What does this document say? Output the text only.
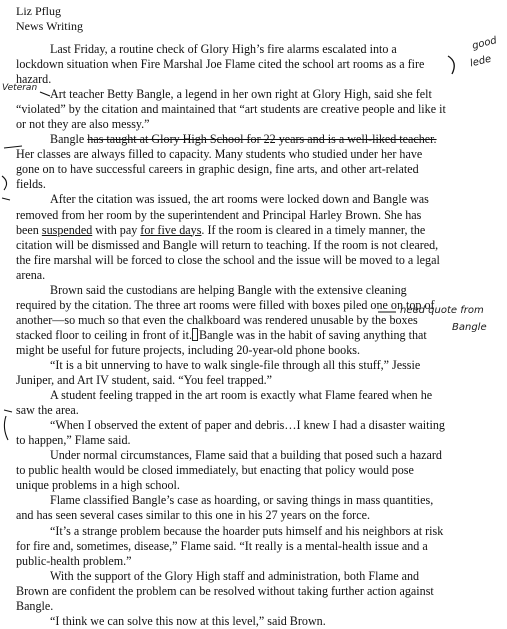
Liz Pflug
News Writing

Last Friday, a routine check of Glory High’s fire alarms escalated into a lockdown situation when Fire Marshal Joe Flame cited the school art rooms as a fire hazard.

Art teacher Betty Bangle, a legend in her own right at Glory High, said she felt “violated” by the citation and maintained that “art students are creative people and like it or not they are also messy.”

Bangle has taught at Glory High School for 22 years and is a well-liked teacher. Her classes are always filled to capacity. Many students who studied under her have gone on to have successful careers in graphic design, fine arts, and other art-related fields.

After the citation was issued, the art rooms were locked down and Bangle was removed from her room by the superintendent and Principal Harley Brown. She has been suspended with pay for five days. If the room is cleared in a timely manner, the citation will be dismissed and Bangle will return to teaching. If the room is not cleared, the fire marshal will be forced to close the school and the issue will be moved to a legal arena.

Brown said the custodians are helping Bangle with the extensive cleaning required by the citation. The three art rooms were filled with boxes piled one on top of another—so much so that even the chalkboard was rendered unusable by the boxes stacked floor to ceiling in front of it. Bangle was in the habit of saving anything that might be useful for future projects, including 20-year-old phone books.

“It is a bit unnerving to have to walk single-file through all this stuff,” Jessie Juniper, and Art IV student, said. “You feel trapped.”

A student feeling trapped in the art room is exactly what Flame feared when he saw the area.

“When I observed the extent of paper and debris…I knew I had a disaster waiting to happen,” Flame said.

Under normal circumstances, Flame said that a building that posed such a hazard to public health would be closed immediately, but enacting that policy would pose unique problems in a high school.

Flame classified Bangle’s case as hoarding, or saving things in mass quantities, and has seen several cases similar to this one in his 27 years on the force.

“It’s a strange problem because the hoarder puts himself and his neighbors at risk for fire and, sometimes, disease,” Flame said. “It really is a mental-health issue and a public-health problem.”

With the support of the Glory High staff and administration, both Flame and Brown are confident the problem can be resolved without taking further action against Bangle.

“I think we can solve this now at this level,” said Brown.

good
lede
Veteran
need quote from
Bangle
